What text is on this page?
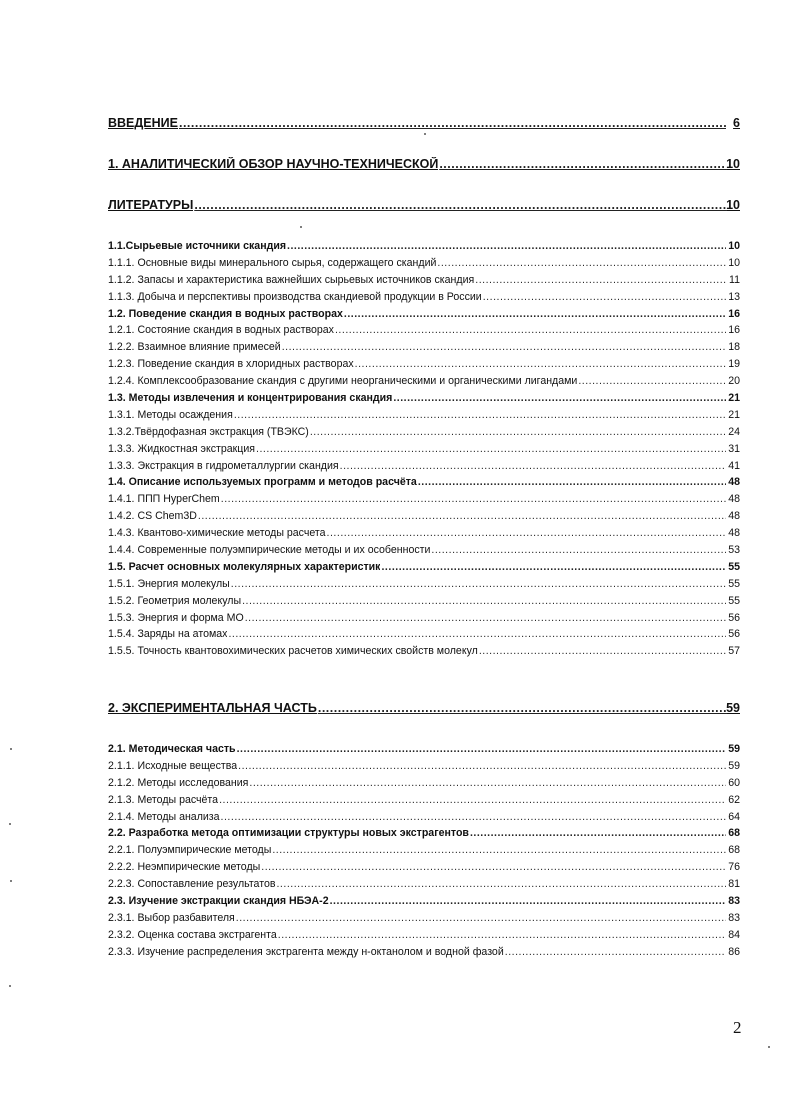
ВВЕДЕНИЕ .....	6
1. АНАЛИТИЧЕСКИЙ ОБЗОР НАУЧНО-ТЕХНИЧЕСКОЙ .....	10
ЛИТЕРАТУРЫ .....	10
1.1.Сырьевые источники скандия .....	10
1.1.1. Основные виды минерального сырья, содержащего скандий .....	10
1.1.2. Запасы и характеристика важнейших сырьевых источников скандия .....	11
1.1.3. Добыча и перспективы производства скандиевой продукции в России .....	13
1.2. Поведение скандия в водных растворах .....	16
1.2.1. Состояние скандия в водных растворах .....	16
1.2.2. Взаимное влияние примесей .....	18
1.2.3. Поведение скандия в хлоридных растворах .....	19
1.2.4. Комплексообразование скандия с другими неорганическими и органическими лигандами .....	20
1.3. Методы извлечения и концентрирования скандия .....	21
1.3.1. Методы осаждения .....	21
1.3.2.Твёрдофазная экстракция (ТВЭКС) .....	24
1.3.3. Жидкостная экстракция .....	31
1.3.3. Экстракция в гидрометаллургии скандия .....	41
1.4. Описание используемых программ и методов расчёта .....	48
1.4.1. ППП HyperChem .....	48
1.4.2. CS Chem3D .....	48
1.4.3. Квантово-химические методы расчета .....	48
1.4.4. Современные полуэмпирические методы и их особенности .....	53
1.5. Расчет основных молекулярных характеристик .....	55
1.5.1. Энергия молекулы .....	55
1.5.2. Геометрия молекулы .....	55
1.5.3. Энергия и форма МО .....	56
1.5.4. Заряды на атомах .....	56
1.5.5. Точность квантовохимических расчетов химических свойств молекул .....	57
2. ЭКСПЕРИМЕНТАЛЬНАЯ ЧАСТЬ .....	59
2.1. Методическая часть .....	59
2.1.1. Исходные вещества .....	59
2.1.2. Методы исследования .....	60
2.1.3. Методы расчёта .....	62
2.1.4. Методы анализа .....	64
2.2. Разработка метода оптимизации структуры новых экстрагентов .....	68
2.2.1. Полуэмпирические методы .....	68
2.2.2. Неэмпирические методы .....	76
2.2.3. Сопоставление результатов .....	81
2.3. Изучение экстракции скандия НБЭА-2 .....	83
2.3.1. Выбор разбавителя .....	83
2.3.2. Оценка состава экстрагента .....	84
2.3.3. Изучение распределения экстрагента между н-октанолом и водной фазой .....	86
2
